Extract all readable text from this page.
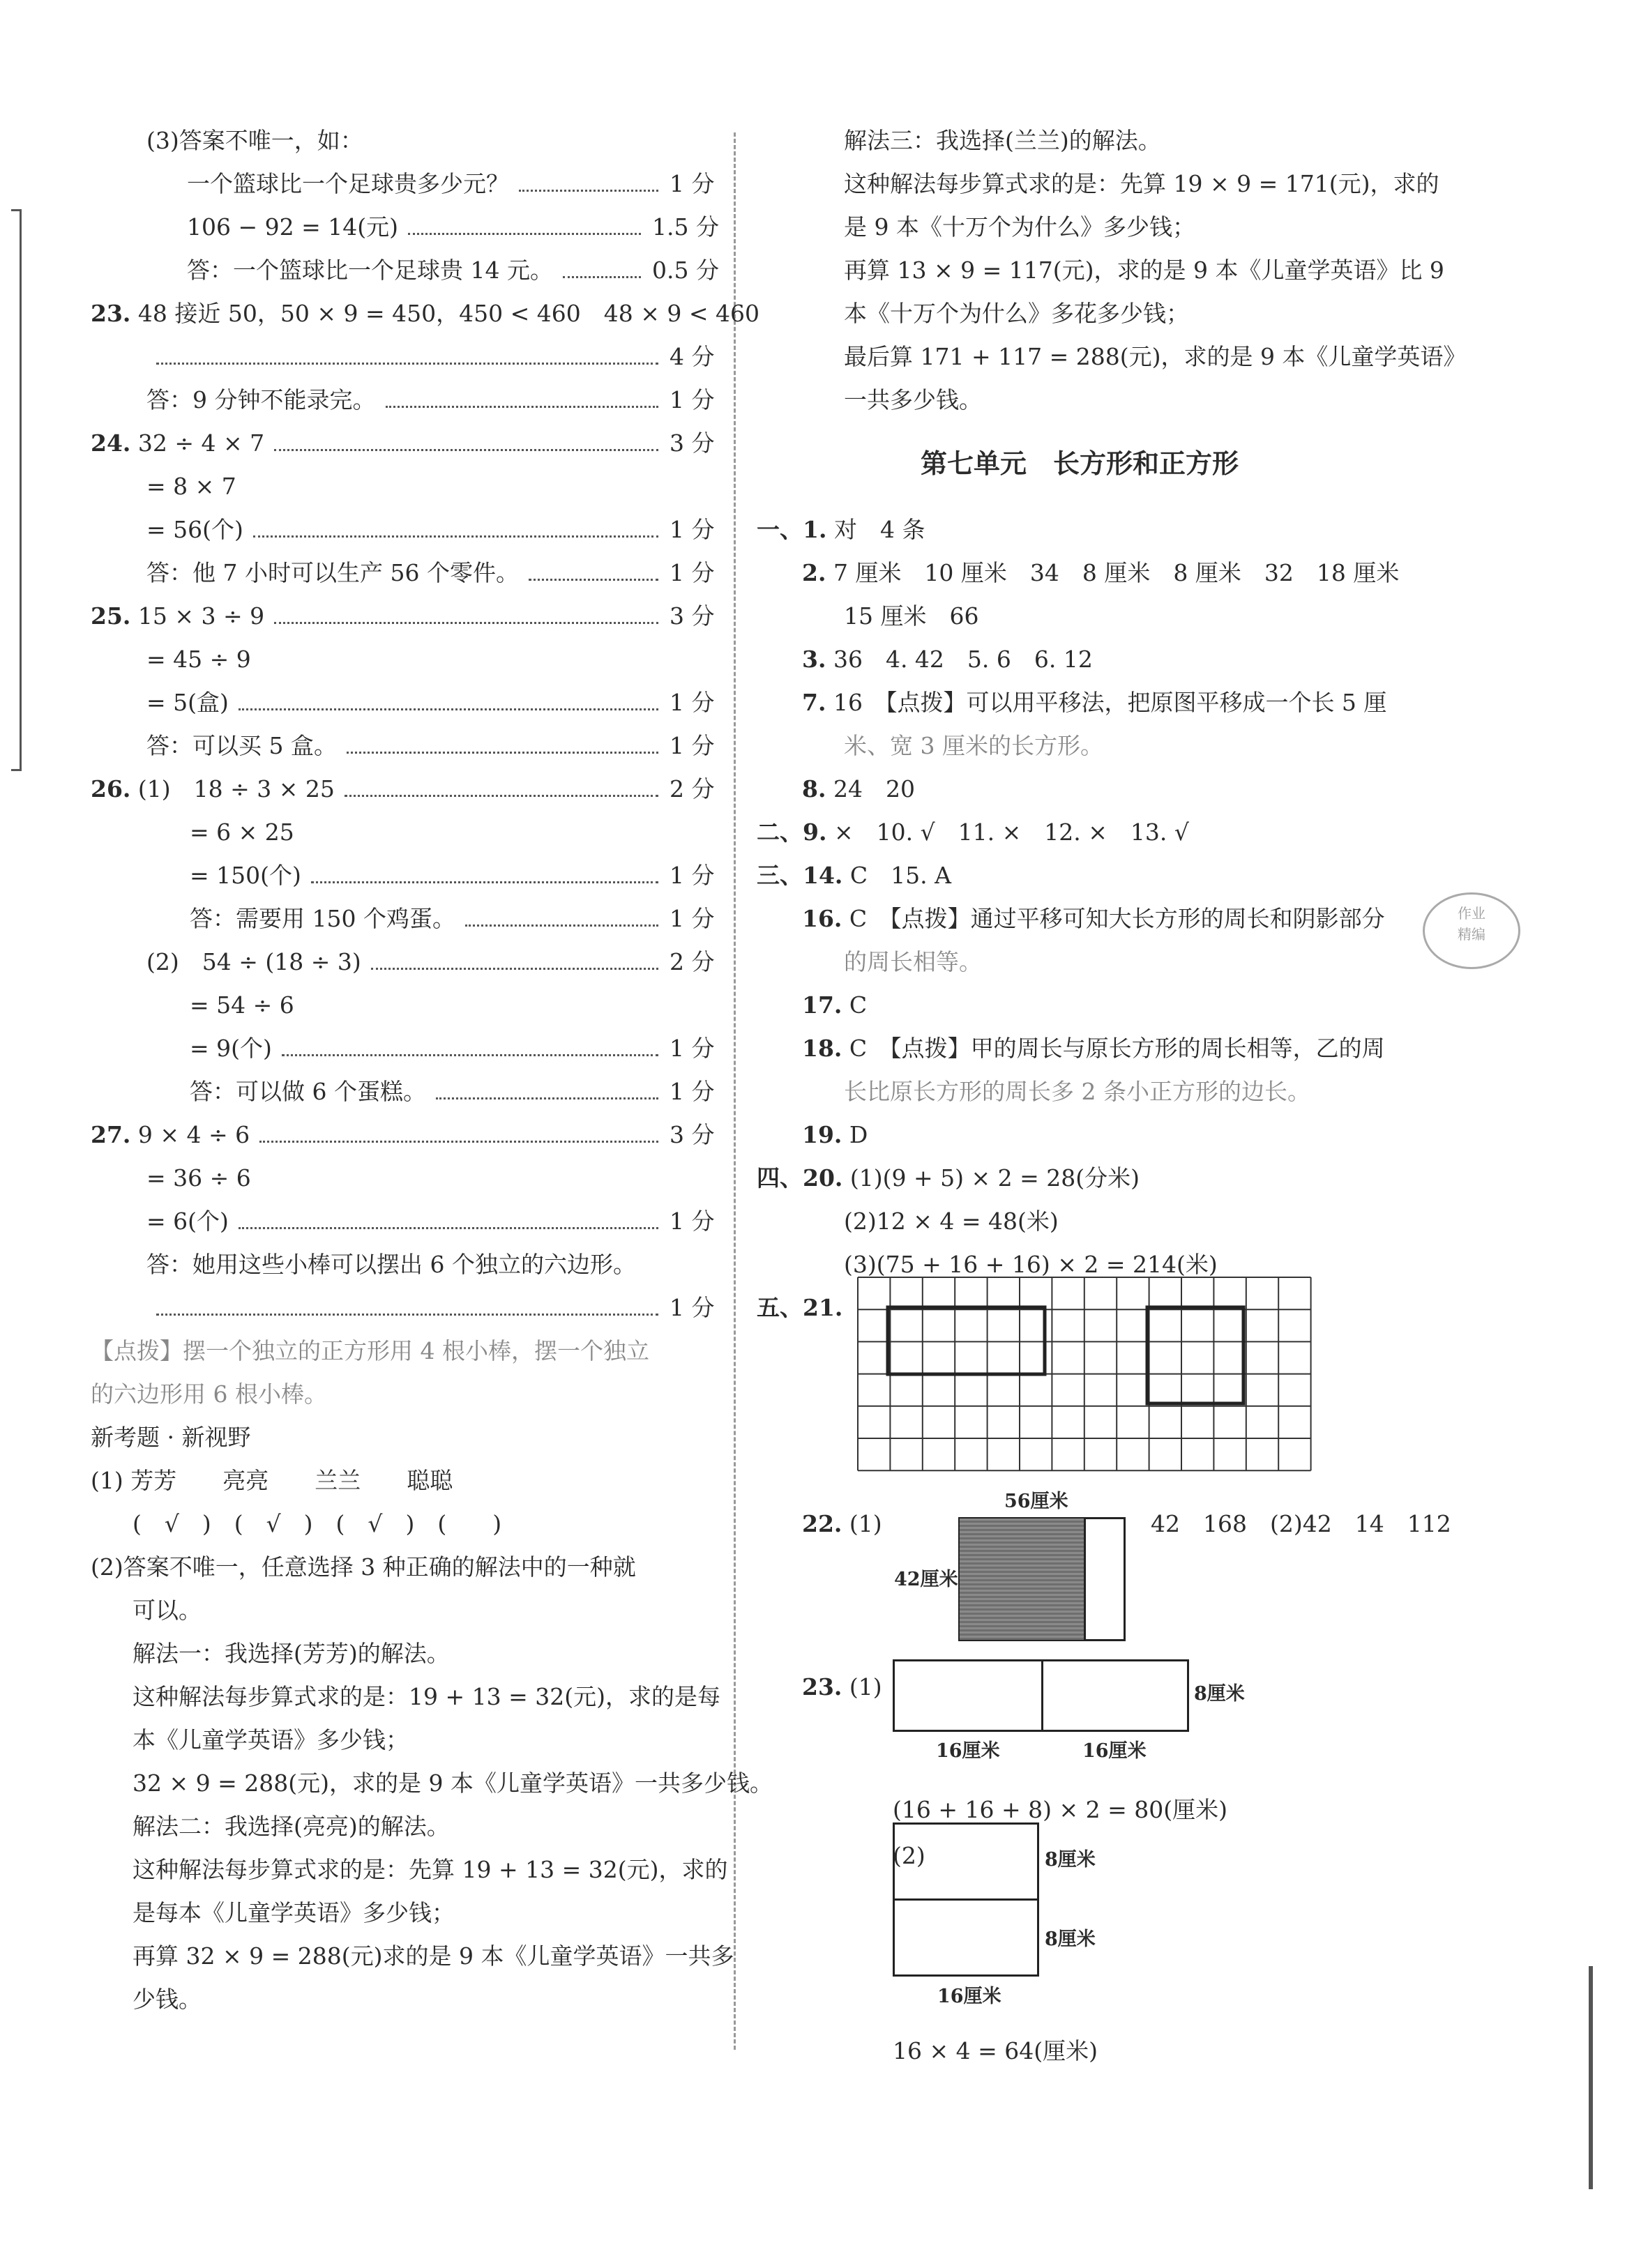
(3)答案不唯一，如：
一个篮球比一个足球贵多少元？	1 分
106 − 92 = 14(元)	1.5 分
答：一个篮球比一个足球贵 14 元。	0.5 分
23. 48 接近 50，50 × 9 = 450，450 < 460　48 × 9 < 460
4 分
答：9 分钟不能录完。	1 分
24. 32 ÷ 4 × 7	3 分
= 8 × 7
= 56(个)	1 分
答：他 7 小时可以生产 56 个零件。	1 分
25. 15 × 3 ÷ 9	3 分
= 45 ÷ 9
= 5(盒)	1 分
答：可以买 5 盒。	1 分
26. (1)　18 ÷ 3 × 25	2 分
= 6 × 25
= 150(个)	1 分
答：需要用 150 个鸡蛋。	1 分
(2)　54 ÷ (18 ÷ 3)	2 分
= 54 ÷ 6
= 9(个)	1 分
答：可以做 6 个蛋糕。	1 分
27. 9 × 4 ÷ 6	3 分
= 36 ÷ 6
= 6(个)	1 分
答：她用这些小棒可以摆出 6 个独立的六边形。
1 分
【点拨】摆一个独立的正方形用 4 根小棒，摆一个独立
的六边形用 6 根小棒。
新考题 · 新视野
(1) 芳芳　　亮亮　　兰兰　　聪聪
(　√　)　(　√　)　(　√　)　(　　)
(2)答案不唯一，任意选择 3 种正确的解法中的一种就
可以。
解法一：我选择(芳芳)的解法。
这种解法每步算式求的是：19 + 13 = 32(元)，求的是每
本《儿童学英语》多少钱；
32 × 9 = 288(元)，求的是 9 本《儿童学英语》一共多少钱。
解法二：我选择(亮亮)的解法。
这种解法每步算式求的是：先算 19 + 13 = 32(元)，求的
是每本《儿童学英语》多少钱；
再算 32 × 9 = 288(元)求的是 9 本《儿童学英语》一共多
少钱。
解法三：我选择(兰兰)的解法。
这种解法每步算式求的是：先算 19 × 9 = 171(元)，求的
是 9 本《十万个为什么》多少钱；
再算 13 × 9 = 117(元)，求的是 9 本《儿童学英语》比 9
本《十万个为什么》多花多少钱；
最后算 171 + 117 = 288(元)，求的是 9 本《儿童学英语》
一共多少钱。
一、1. 对　4 条
2. 7 厘米　10 厘米　34　8 厘米　8 厘米　32　18 厘米
15 厘米　66
3. 36　4. 42　5. 6　6. 12
7. 16　【点拨】可以用平移法，把原图平移成一个长 5 厘
米、宽 3 厘米的长方形。
8. 24　20
二、9. ×　10. √　11. ×　12. ×　13. √
三、14. C　15. A
16. C　【点拨】通过平移可知大长方形的周长和阴影部分
的周长相等。
17. C
18. C　【点拨】甲的周长与原长方形的周长相等，乙的周
长比原长方形的周长多 2 条小正方形的边长。
19. D
四、20. (1)(9 + 5) × 2 = 28(分米)
(2)12 × 4 = 48(米)
(3)(75 + 16 + 16) × 2 = 214(米)
五、21.
22. (1)	42　168　(2)42　14　112
23. (1)
(16 + 16 + 8) × 2 = 80(厘米)
(2)
16 × 4 = 64(厘米)
第七单元　长方形和正方形
56厘米
42厘米
8厘米
16厘米	16厘米
8厘米
8厘米
16厘米
作业
精编
